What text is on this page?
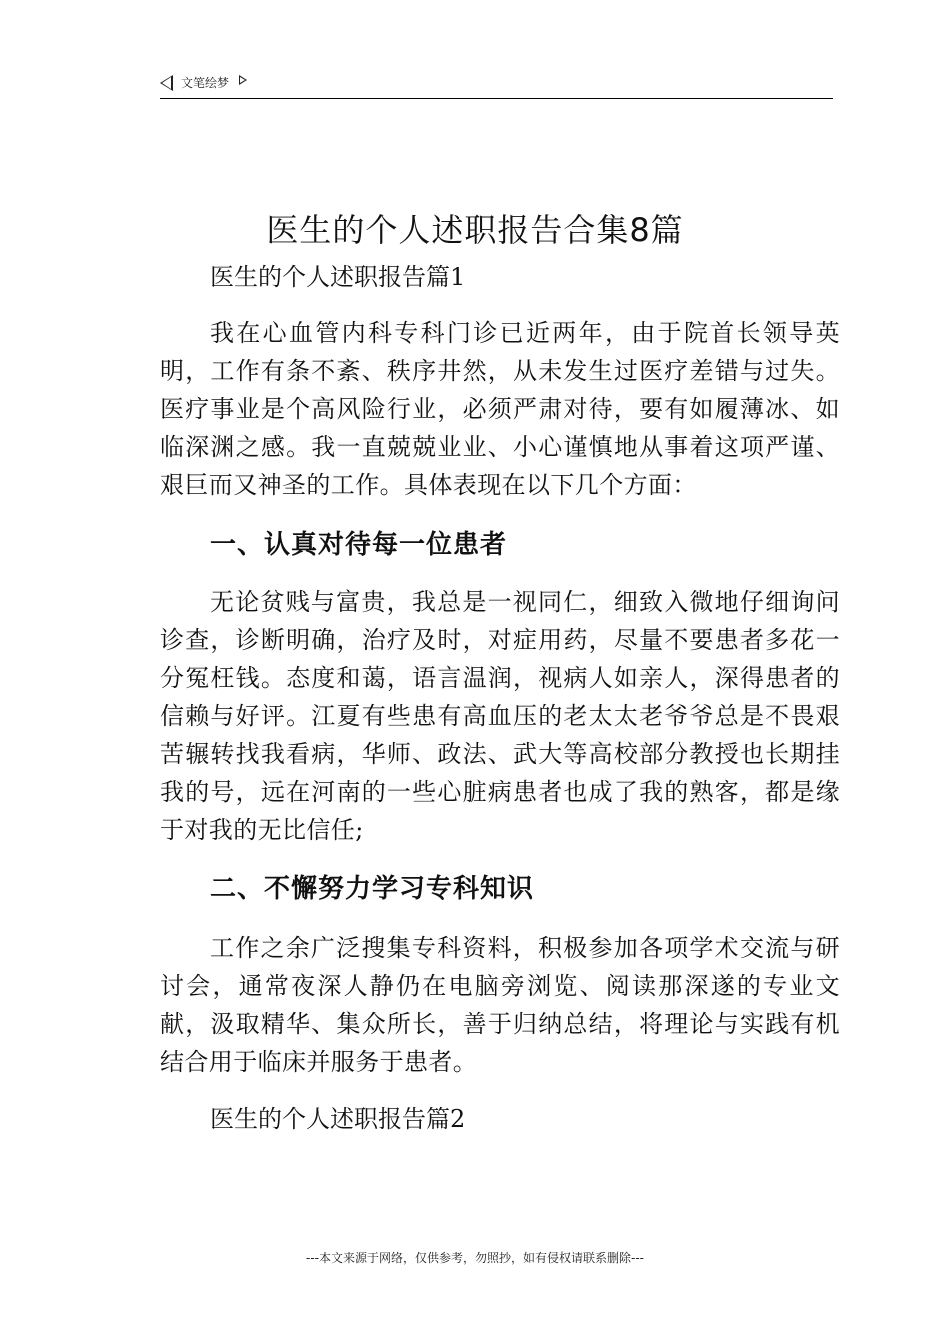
文笔绘梦
医生的个人述职报告合集8篇

医生的个人述职报告篇1

我在心血管内科专科门诊已近两年，由于院首长领导英明，工作有条不紊、秩序井然，从未发生过医疗差错与过失。医疗事业是个高风险行业，必须严肃对待，要有如履薄冰、如临深渊之感。我一直兢兢业业、小心谨慎地从事着这项严谨、艰巨而又神圣的工作。具体表现在以下几个方面：

一、认真对待每一位患者

无论贫贱与富贵，我总是一视同仁，细致入微地仔细询问诊查，诊断明确，治疗及时，对症用药，尽量不要患者多花一分冤枉钱。态度和蔼，语言温润，视病人如亲人，深得患者的信赖与好评。江夏有些患有高血压的老太太老爷爷总是不畏艰苦辗转找我看病，华师、政法、武大等高校部分教授也长期挂我的号，远在河南的一些心脏病患者也成了我的熟客，都是缘于对我的无比信任;

二、不懈努力学习专科知识

工作之余广泛搜集专科资料，积极参加各项学术交流与研讨会，通常夜深人静仍在电脑旁浏览、阅读那深遂的专业文献，汲取精华、集众所长，善于归纳总结，将理论与实践有机结合用于临床并服务于患者。

医生的个人述职报告篇2

---本文来源于网络，仅供参考，勿照抄，如有侵权请联系删除---
